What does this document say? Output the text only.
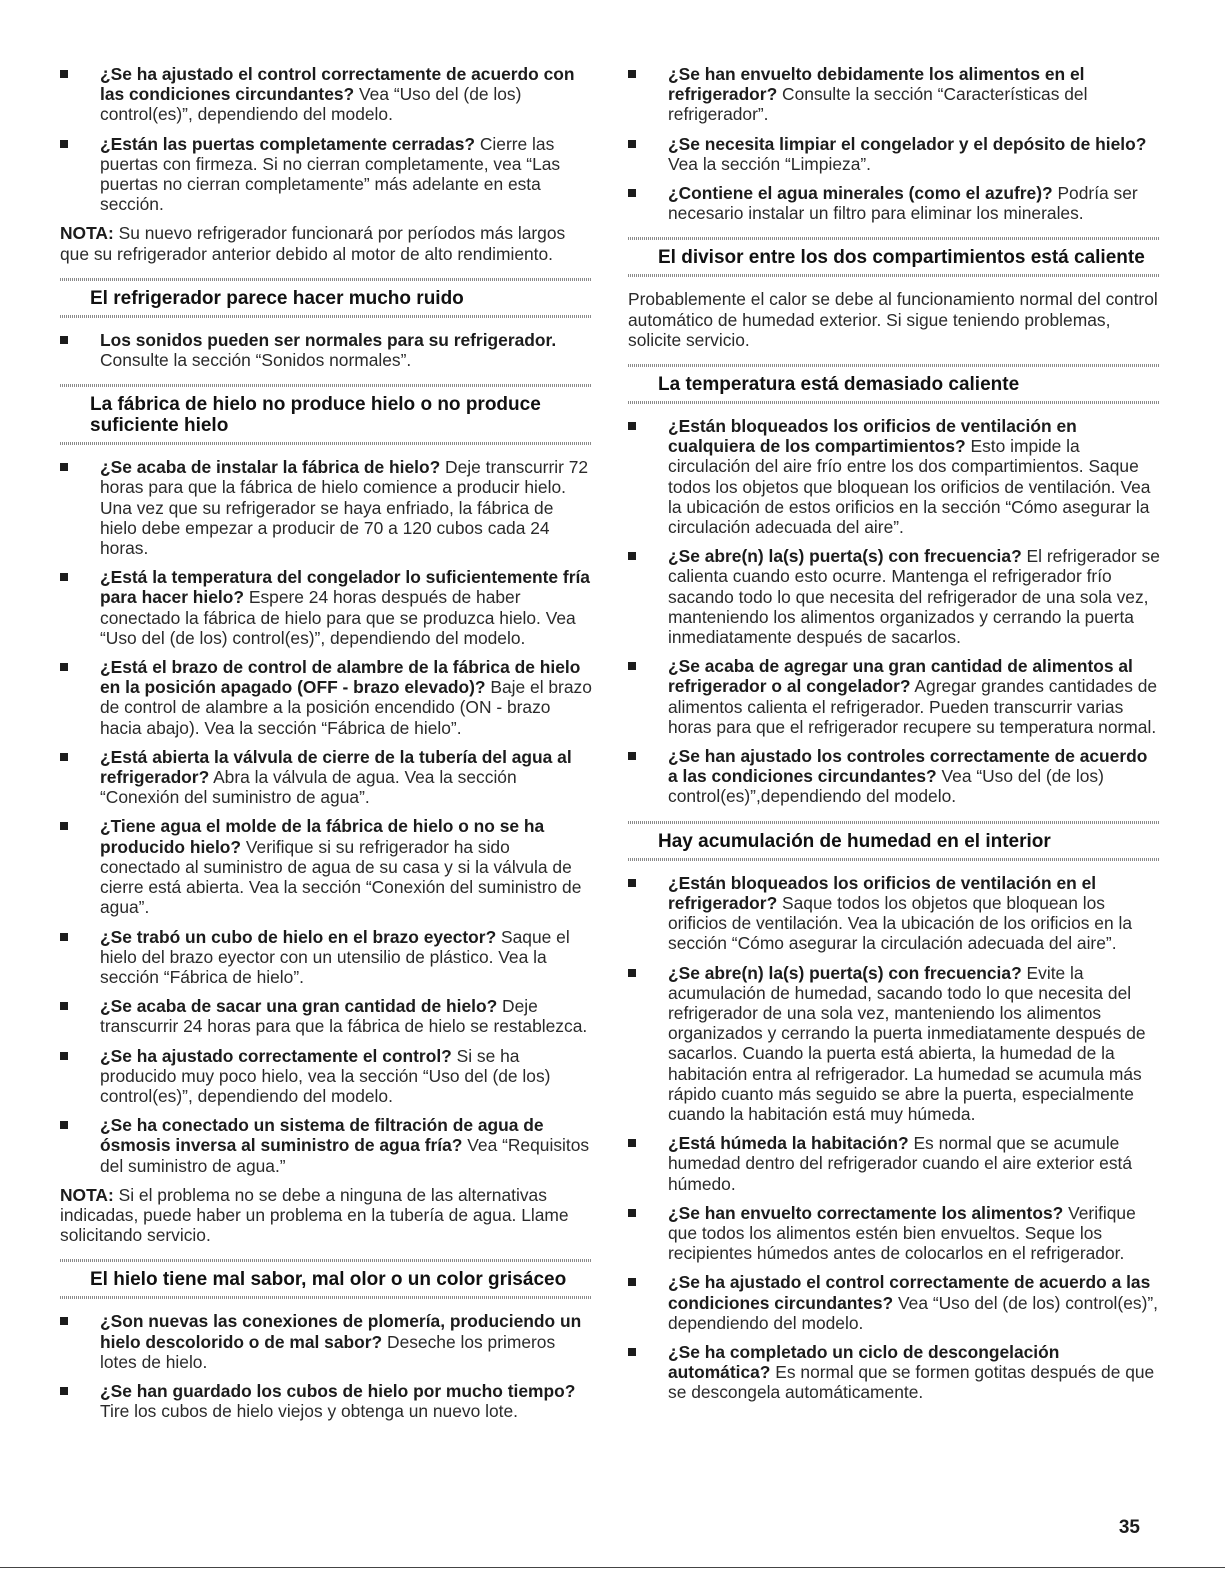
¿Se ha ajustado el control correctamente de acuerdo con las condiciones circundantes? Vea “Uso del (de los) control(es)”, dependiendo del modelo.
¿Están las puertas completamente cerradas? Cierre las puertas con firmeza. Si no cierran completamente, vea “Las puertas no cierran completamente” más adelante en esta sección.
NOTA: Su nuevo refrigerador funcionará por períodos más largos que su refrigerador anterior debido al motor de alto rendimiento.
El refrigerador parece hacer mucho ruido
Los sonidos pueden ser normales para su refrigerador. Consulte la sección “Sonidos normales”.
La fábrica de hielo no produce hielo o no produce suficiente hielo
¿Se acaba de instalar la fábrica de hielo? Deje transcurrir 72 horas para que la fábrica de hielo comience a producir hielo. Una vez que su refrigerador se haya enfriado, la fábrica de hielo debe empezar a producir de 70 a 120 cubos cada 24 horas.
¿Está la temperatura del congelador lo suficientemente fría para hacer hielo? Espere 24 horas después de haber conectado la fábrica de hielo para que se produzca hielo. Vea “Uso del (de los) control(es)”, dependiendo del modelo.
¿Está el brazo de control de alambre de la fábrica de hielo en la posición apagado (OFF - brazo elevado)? Baje el brazo de control de alambre a la posición encendido (ON - brazo hacia abajo). Vea la sección “Fábrica de hielo”.
¿Está abierta la válvula de cierre de la tubería del agua al refrigerador? Abra la válvula de agua. Vea la sección “Conexión del suministro de agua”.
¿Tiene agua el molde de la fábrica de hielo o no se ha producido hielo? Verifique si su refrigerador ha sido conectado al suministro de agua de su casa y si la válvula de cierre está abierta. Vea la sección “Conexión del suministro de agua”.
¿Se trabó un cubo de hielo en el brazo eyector? Saque el hielo del brazo eyector con un utensilio de plástico. Vea la sección “Fábrica de hielo”.
¿Se acaba de sacar una gran cantidad de hielo? Deje transcurrir 24 horas para que la fábrica de hielo se restablezca.
¿Se ha ajustado correctamente el control? Si se ha producido muy poco hielo, vea la sección “Uso del (de los) control(es)”, dependiendo del modelo.
¿Se ha conectado un sistema de filtración de agua de ósmosis inversa al suministro de agua fría? Vea “Requisitos del suministro de agua.”
NOTA: Si el problema no se debe a ninguna de las alternativas indicadas, puede haber un problema en la tubería de agua. Llame solicitando servicio.
El hielo tiene mal sabor, mal olor o un color grisáceo
¿Son nuevas las conexiones de plomería, produciendo un hielo descolorido o de mal sabor? Deseche los primeros lotes de hielo.
¿Se han guardado los cubos de hielo por mucho tiempo? Tire los cubos de hielo viejos y obtenga un nuevo lote.
¿Se han envuelto debidamente los alimentos en el refrigerador? Consulte la sección “Características del refrigerador”.
¿Se necesita limpiar el congelador y el depósito de hielo? Vea la sección “Limpieza”.
¿Contiene el agua minerales (como el azufre)? Podría ser necesario instalar un filtro para eliminar los minerales.
El divisor entre los dos compartimientos está caliente
Probablemente el calor se debe al funcionamiento normal del control automático de humedad exterior. Si sigue teniendo problemas, solicite servicio.
La temperatura está demasiado caliente
¿Están bloqueados los orificios de ventilación en cualquiera de los compartimientos? Esto impide la circulación del aire frío entre los dos compartimientos. Saque todos los objetos que bloquean los orificios de ventilación. Vea la ubicación de estos orificios en la sección “Cómo asegurar la circulación adecuada del aire”.
¿Se abre(n) la(s) puerta(s) con frecuencia? El refrigerador se calienta cuando esto ocurre. Mantenga el refrigerador frío sacando todo lo que necesita del refrigerador de una sola vez, manteniendo los alimentos organizados y cerrando la puerta inmediatamente después de sacarlos.
¿Se acaba de agregar una gran cantidad de alimentos al refrigerador o al congelador? Agregar grandes cantidades de alimentos calienta el refrigerador. Pueden transcurrir varias horas para que el refrigerador recupere su temperatura normal.
¿Se han ajustado los controles correctamente de acuerdo a las condiciones circundantes? Vea “Uso del (de los) control(es)”,dependiendo del modelo.
Hay acumulación de humedad en el interior
¿Están bloqueados los orificios de ventilación en el refrigerador? Saque todos los objetos que bloquean los orificios de ventilación. Vea la ubicación de los orificios en la sección “Cómo asegurar la circulación adecuada del aire”.
¿Se abre(n) la(s) puerta(s) con frecuencia? Evite la acumulación de humedad, sacando todo lo que necesita del refrigerador de una sola vez, manteniendo los alimentos organizados y cerrando la puerta inmediatamente después de sacarlos. Cuando la puerta está abierta, la humedad de la habitación entra al refrigerador. La humedad se acumula más rápido cuanto más seguido se abre la puerta, especialmente cuando la habitación está muy húmeda.
¿Está húmeda la habitación? Es normal que se acumule humedad dentro del refrigerador cuando el aire exterior está húmedo.
¿Se han envuelto correctamente los alimentos? Verifique que todos los alimentos estén bien envueltos. Seque los recipientes húmedos antes de colocarlos en el refrigerador.
¿Se ha ajustado el control correctamente de acuerdo a las condiciones circundantes? Vea “Uso del (de los) control(es)”, dependiendo del modelo.
¿Se ha completado un ciclo de descongelación automática? Es normal que se formen gotitas después de que se descongela automáticamente.
35
